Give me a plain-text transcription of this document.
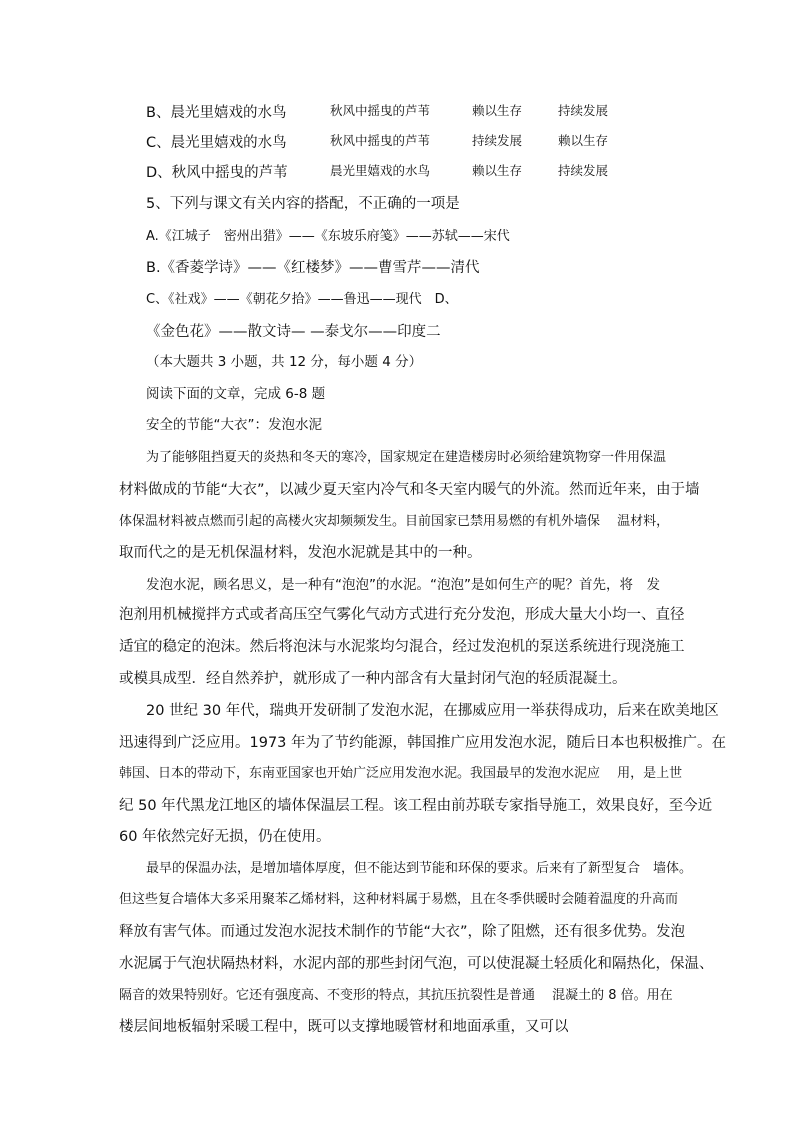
B、晨光里嬉戏的水鸟	秋风中摇曳的芦苇	赖以生存	持续发展
C、晨光里嬉戏的水鸟	秋风中摇曳的芦苇	持续发展	赖以生存
D、秋风中摇曳的芦苇	晨光里嬉戏的水鸟	赖以生存	持续发展
5、下列与课文有关内容的搭配，不正确的一项是
A.《江城子　密州出猎》——《东坡乐府笺》——苏轼——宋代
B.《香菱学诗》——《红楼梦》——曹雪芹——清代
C、《社戏》——《朝花夕拾》——鲁迅——现代　D、
《金色花》——散文诗— —泰戈尔——印度二
（本大题共 3 小题，共 12 分，每小题 4 分）
阅读下面的文章，完成 6-8 题
安全的节能“大衣”：发泡水泥
为了能够阻挡夏天的炎热和冬天的寒冷，国家规定在建造楼房时必须给建筑物穿一件用保温
材料做成的节能“大衣”，以减少夏天室内冷气和冬天室内暖气的外流。然而近年来，由于墙
体保温材料被点燃而引起的高楼火灾却频频发生。目前国家已禁用易燃的有机外墙保　 温材料，
取而代之的是无机保温材料，发泡水泥就是其中的一种。
发泡水泥，顾名思义，是一种有“泡泡”的水泥。“泡泡”是如何生产的呢？首先，将　发
泡剂用机械搅拌方式或者高压空气雾化气动方式进行充分发泡，形成大量大小均一、直径
适宜的稳定的泡沫。然后将泡沫与水泥浆均匀混合，经过发泡机的泵送系统进行现浇施工
或模具成型．经自然养护，就形成了一种内部含有大量封闭气泡的轻质混凝土。
20 世纪 30 年代，瑞典开发研制了发泡水泥，在挪威应用一举获得成功，后来在欧美地区
迅速得到广泛应用。1973 年为了节约能源，韩国推广应用发泡水泥，随后日本也积极推广。在
韩国、日本的带动下，东南亚国家也开始广泛应用发泡水泥。我国最早的发泡水泥应　 用，是上世
纪 50 年代黑龙江地区的墙体保温层工程。该工程由前苏联专家指导施工，效果良好，至今近
60 年依然完好无损，仍在使用。
最早的保温办法，是增加墙体厚度，但不能达到节能和环保的要求。后来有了新型复合　墙体。
但这些复合墙体大多采用聚苯乙烯材料，这种材料属于易燃，且在冬季供暖时会随着温度的升高而
释放有害气体。而通过发泡水泥技术制作的节能“大衣”，除了阻燃，还有很多优势。发泡
水泥属于气泡状隔热材料，水泥内部的那些封闭气泡，可以使混凝土轻质化和隔热化，保温、
隔音的效果特别好。它还有强度高、不变形的特点，其抗压抗裂性是普通　 混凝土的 8 倍。用在
楼层间地板辐射采暖工程中，既可以支撑地暖管材和地面承重，又可以
